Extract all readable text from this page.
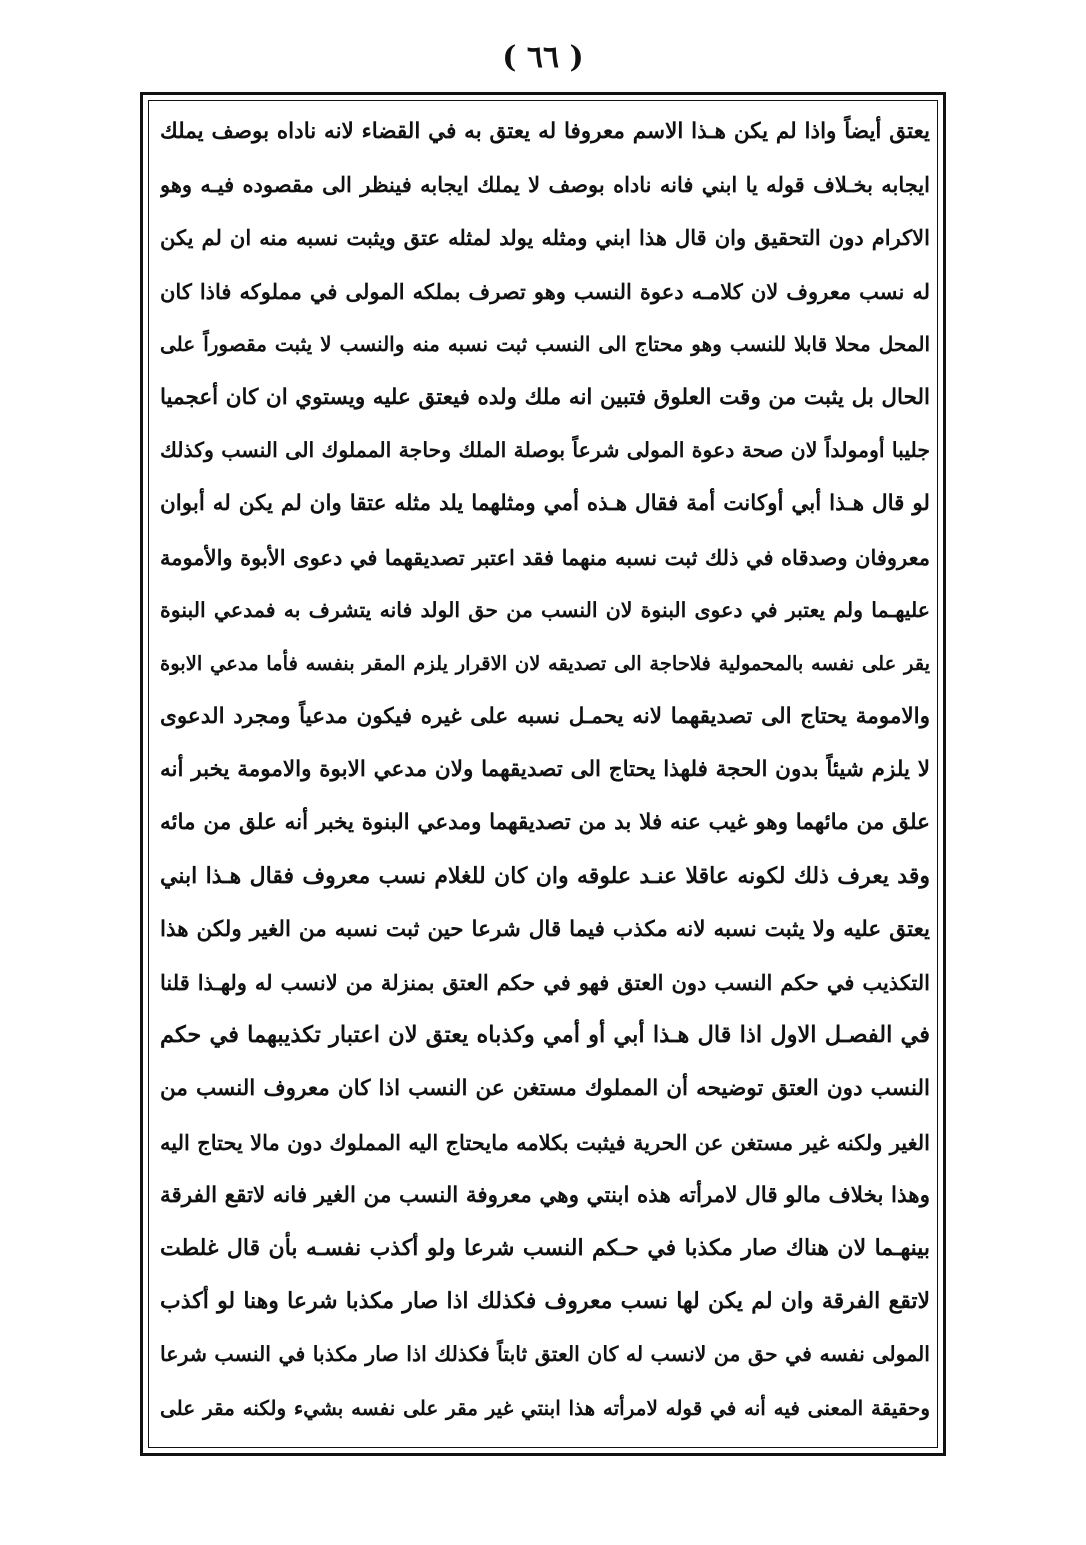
( ٦٦ )
يعتق أيضاً واذا لم يكن هـذا الاسم معروفا له يعتق به في القضاء لانه ناداه بوصف يملك
ايجابه بخـلاف قوله يا ابني فانه ناداه بوصف لا يملك ايجابه فينظر الى مقصوده فيـه وهو
الاكرام دون التحقيق وان قال هذا ابني ومثله يولد لمثله عتق ويثبت نسبه منه ان لم يكن
له نسب معروف لان كلامـه دعوة النسب وهو تصرف بملكه المولى في مملوكه فاذا كان
المحل محلا قابلا للنسب وهو محتاج الى النسب ثبت نسبه منه والنسب لا يثبت مقصوراً على
الحال بل يثبت من وقت العلوق فتبين انه ملك ولده فيعتق عليه ويستوي ان كان أعجميا
جليبا أومولداً لان صحة دعوة المولى شرعاً بوصلة الملك وحاجة المملوك الى النسب وكذلك
لو قال هـذا أبي أوكانت أمة فقال هـذه أمي ومثلهما يلد مثله عتقا وان لم يكن له أبوان
معروفان وصدقاه في ذلك ثبت نسبه منهما فقد اعتبر تصديقهما في دعوى الأبوة والأمومة
عليهـما ولم يعتبر في دعوى البنوة لان النسب من حق الولد فانه يتشرف به فمدعي البنوة
يقر على نفسه بالمحمولية فلاحاجة الى تصديقه لان الاقرار يلزم المقر بنفسه فأما مدعي الابوة
والامومة يحتاج الى تصديقهما لانه يحمـل نسبه على غيره فيكون مدعياً ومجرد الدعوى
لا يلزم شيئاً بدون الحجة فلهذا يحتاج الى تصديقهما ولان مدعي الابوة والامومة يخبر أنه
علق من مائهما وهو غيب عنه فلا بد من تصديقهما ومدعي البنوة يخبر أنه علق من مائه
وقد يعرف ذلك لكونه عاقلا عنـد علوقه وان كان للغلام نسب معروف فقال هـذا ابني
يعتق عليه ولا يثبت نسبه لانه مكذب فيما قال شرعا حين ثبت نسبه من الغير ولكن هذا
التكذيب في حكم النسب دون العتق فهو في حكم العتق بمنزلة من لانسب له ولهـذا قلنا
في الفصـل الاول اذا قال هـذا أبي أو أمي وكذباه يعتق لان اعتبار تكذيبهما في حكم
النسب دون العتق توضيحه أن المملوك مستغن عن النسب اذا كان معروف النسب من
الغير ولكنه غير مستغن عن الحرية فيثبت بكلامه مايحتاج اليه المملوك دون مالا يحتاج اليه
وهذا بخلاف مالو قال لامرأته هذه ابنتي وهي معروفة النسب من الغير فانه لاتقع الفرقة
بينهـما لان هناك صار مكذبا في حـكم النسب شرعا ولو أكذب نفسـه بأن قال غلطت
لاتقع الفرقة وان لم يكن لها نسب معروف فكذلك اذا صار مكذبا شرعا وهنا لو أكذب
المولى نفسه في حق من لانسب له كان العتق ثابتاً فكذلك اذا صار مكذبا في النسب شرعا
وحقيقة المعنى فيه أنه في قوله لامرأته هذا ابنتي غير مقر على نفسه بشيء ولكنه مقر على
